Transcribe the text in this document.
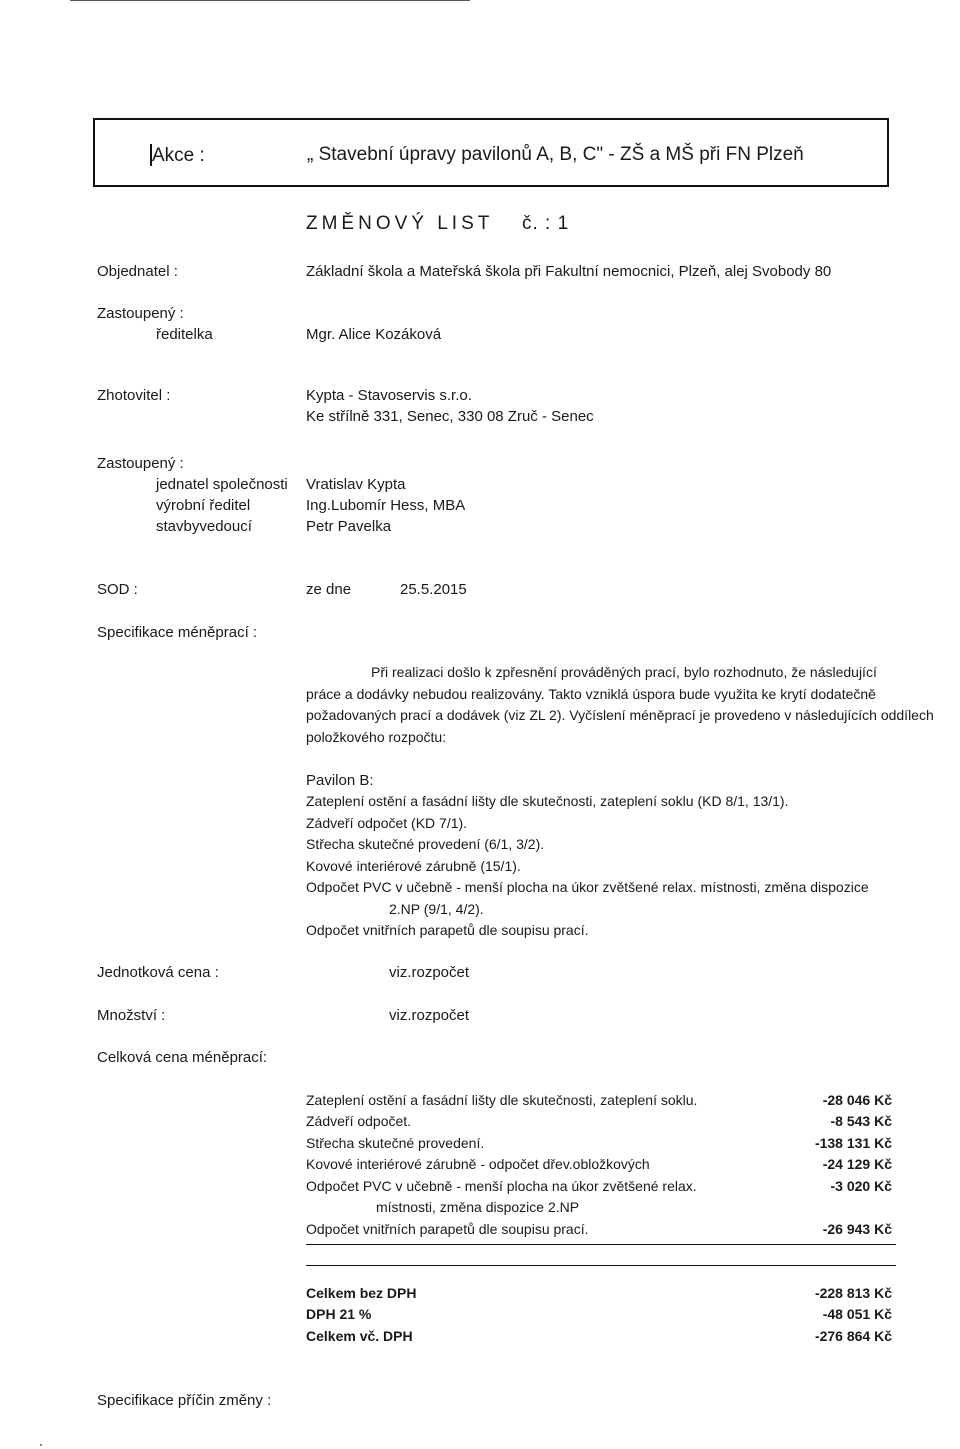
Akce :	„ Stavební úpravy pavilonů A, B, C" - ZŠ a MŠ při FN Plzeň
ZMĚNOVÝ LIST č. : 1
Objednatel :	Základní škola a Mateřská škola při Fakultní nemocnici, Plzeň, alej Svobody 80
Zastoupený :
ředitelka	Mgr. Alice Kozáková
Zhotovitel :	Kypta - Stavoservis s.r.o.
Ke střílně 331, Senec, 330 08 Zruč - Senec
Zastoupený :
jednatel společnosti Vratislav Kypta
výrobní ředitel	Ing.Lubomír Hess, MBA
stavbyvedoucí	Petr Pavelka
SOD :	ze dne	25.5.2015
Specifikace méněprací :
Při realizaci došlo k zpřesnění prováděných prací, bylo rozhodnuto, že následující
práce a dodávky nebudou realizovány. Takto vzniklá úspora bude využita ke krytí dodatečně
požadovaných prací a dodávek (viz ZL 2). Vyčíslení méněprací je provedeno v následujících oddílech
položkového rozpočtu:
Pavilon B:
Zateplení ostění a fasádní lišty dle skutečnosti, zateplení soklu (KD 8/1, 13/1).
Zádveří odpočet (KD 7/1).
Střecha skutečné provedení (6/1, 3/2).
Kovové interiérové zárubně (15/1).
Odpočet PVC v učebně - menší plocha na úkor zvětšené relax. místnosti, změna dispozice
2.NP (9/1, 4/2).
Odpočet vnitřních parapetů dle soupisu prací.
Jednotková cena :	viz.rozpočet
Množství :	viz.rozpočet
Celková cena méněprací:
Zateplení ostění a fasádní lišty dle skutečnosti, zateplení soklu.	-28 046 Kč
Zádveří odpočet.	-8 543 Kč
Střecha skutečné provedení.	-138 131 Kč
Kovové interiérové zárubně - odpočet dřev.obložkových	-24 129 Kč
Odpočet PVC v učebně - menší plocha na úkor zvětšené relax.	-3 020 Kč
místnosti, změna dispozice 2.NP
Odpočet vnitřních parapetů dle soupisu prací.	-26 943 Kč
Celkem bez DPH	-228 813 Kč
DPH 21 %	-48 051 Kč
Celkem vč. DPH	-276 864 Kč
Specifikace příčin změny :
